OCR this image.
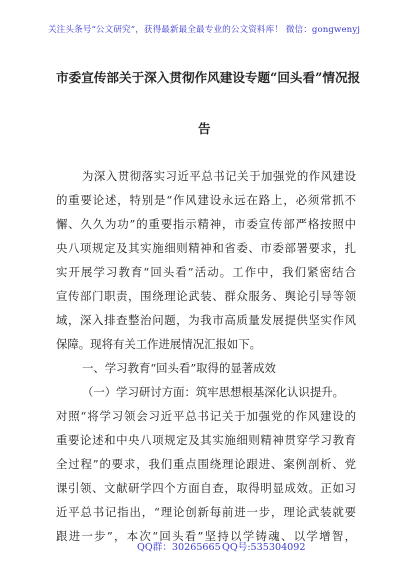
关注头条号“公文研究”，获得最新最全最专业的公文资料库！ 微信：gongwenyj
市委宣传部关于深入贯彻作风建设专题“回头看”情况报
告
为深入贯彻落实习近平总书记关于加强党的作风建设
的重要论述，特别是“作风建设永远在路上，必须常抓不
懈、久久为功”的重要指示精神，市委宣传部严格按照中
央八项规定及其实施细则精神和省委、市委部署要求，扎
实开展学习教育“回头看”活动。工作中，我们紧密结合
宣传部门职责，围绕理论武装、群众服务、舆论引导等领
域，深入排查整治问题，为我市高质量发展提供坚实作风
保障。现将有关工作进展情况汇报如下。
一、学习教育“回头看”取得的显著成效
（一）学习研讨方面：筑牢思想根基深化认识提升。
对照“将学习领会习近平总书记关于加强党的作风建设的
重要论述和中央八项规定及其实施细则精神贯穿学习教育
全过程”的要求，我们重点围绕理论跟进、案例剖析、党
课引领、文献研学四个方面自查，取得明显成效。正如习
近平总书记指出，“理论创新每前进一步，理论武装就要
跟进一步”，本次“回头看”坚持以学铸魂、以学增智，
QQ群：30265665 QQ号:535304092
